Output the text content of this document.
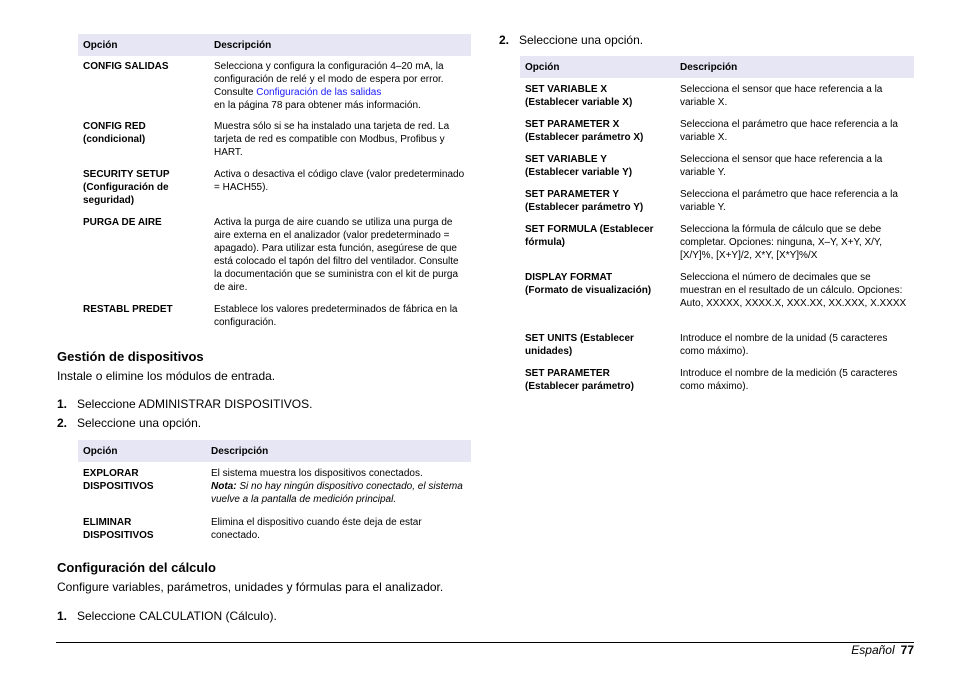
Opción	Descripción
CONFIG SALIDAS	Selecciona y configura la configuración 4–20 mA, la configuración de relé y el modo de espera por error. Consulte Configuración de las salidas
en la página 78 para obtener más información.
CONFIG RED
(condicional)	Muestra sólo si se ha instalado una tarjeta de red. La tarjeta de red es compatible con Modbus, Profibus y HART.
SECURITY SETUP
(Configuración de
seguridad)	Activa o desactiva el código clave (valor predeterminado = HACH55).
PURGA DE AIRE	Activa la purga de aire cuando se utiliza una purga de aire externa en el analizador (valor predeterminado = apagado). Para utilizar esta función, asegúrese de que está colocado el tapón del filtro del ventilador. Consulte la documentación que se suministra con el kit de purga de aire.
RESTABL PREDET	Establece los valores predeterminados de fábrica en la configuración.
Gestión de dispositivos
Instale o elimine los módulos de entrada.
1. Seleccione ADMINISTRAR DISPOSITIVOS.
2. Seleccione una opción.
Opción	Descripción
EXPLORAR
DISPOSITIVOS	El sistema muestra los dispositivos conectados.
Nota: Si no hay ningún dispositivo conectado, el sistema vuelve a la pantalla de medición principal.
ELIMINAR
DISPOSITIVOS	Elimina el dispositivo cuando éste deja de estar conectado.
Configuración del cálculo
Configure variables, parámetros, unidades y fórmulas para el analizador.
1. Seleccione CALCULATION (Cálculo).
2. Seleccione una opción.
Opción	Descripción
SET VARIABLE X
(Establecer variable X)	Selecciona el sensor que hace referencia a la variable X.
SET PARAMETER X
(Establecer parámetro X)	Selecciona el parámetro que hace referencia a la variable X.
SET VARIABLE Y
(Establecer variable Y)	Selecciona el sensor que hace referencia a la variable Y.
SET PARAMETER Y
(Establecer parámetro Y)	Selecciona el parámetro que hace referencia a la variable Y.
SET FORMULA (Establecer
fórmula)	Selecciona la fórmula de cálculo que se debe completar. Opciones: ninguna, X–Y, X+Y, X/Y, [X/Y]%, [X+Y]/2, X*Y, [X*Y]%/X
DISPLAY FORMAT
(Formato de visualización)	Selecciona el número de decimales que se muestran en el resultado de un cálculo. Opciones: Auto, XXXXX, XXXX.X, XXX.XX, XX.XXX, X.XXXX
SET UNITS (Establecer
unidades)	Introduce el nombre de la unidad (5 caracteres como máximo).
SET PARAMETER
(Establecer parámetro)	Introduce el nombre de la medición (5 caracteres como máximo).
Español 77
